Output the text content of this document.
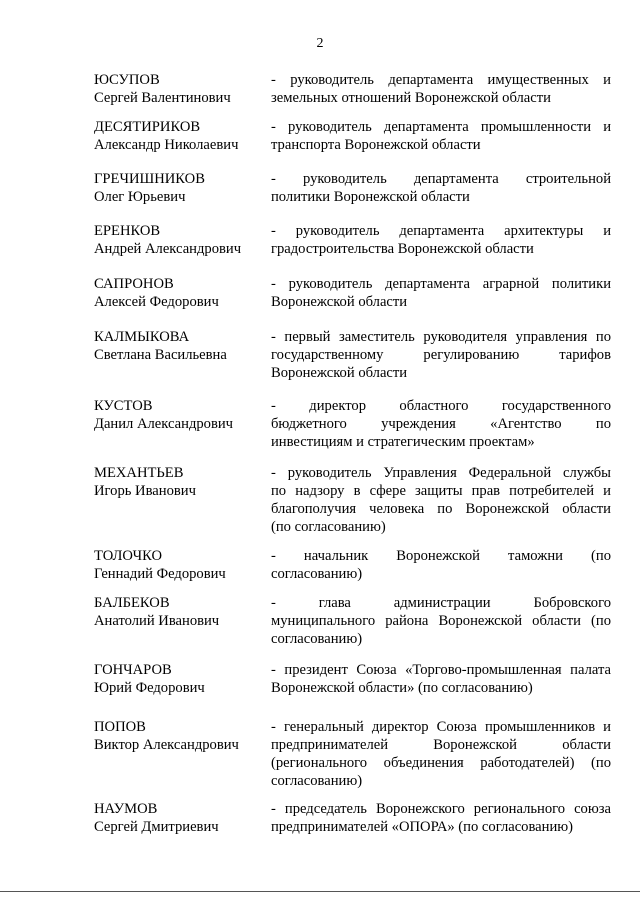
2
ЮСУПОВ
Сергей Валентинович
- руководитель департамента имущественных и
земельных отношений Воронежской области
ДЕСЯТИРИКОВ
Александр Николаевич
- руководитель департамента промышленности и
транспорта Воронежской области
ГРЕЧИШНИКОВ
Олег Юрьевич
- руководитель департамента строительной
политики Воронежской области
ЕРЕНКОВ
Андрей Александрович
- руководитель департамента архитектуры и
градостроительства Воронежской области
САПРОНОВ
Алексей Федорович
- руководитель департамента аграрной политики
Воронежской области
КАЛМЫКОВА
Светлана Васильевна
- первый заместитель руководителя управления по
государственному регулированию тарифов
Воронежской области
КУСТОВ
Данил Александрович
- директор областного государственного
бюджетного учреждения «Агентство по
инвестициям и стратегическим проектам»
МЕХАНТЬЕВ
Игорь Иванович
- руководитель Управления Федеральной службы
по надзору в сфере защиты прав потребителей и
благополучия человека по Воронежской области
(по согласованию)
ТОЛОЧКО
Геннадий Федорович
- начальник Воронежской таможни (по
согласованию)
БАЛБЕКОВ
Анатолий Иванович
- глава администрации Бобровского
муниципального района Воронежской области (по
согласованию)
ГОНЧАРОВ
Юрий Федорович
- президент Союза «Торгово-промышленная палата
Воронежской области» (по согласованию)
ПОПОВ
Виктор Александрович
- генеральный директор Союза промышленников и
предпринимателей Воронежской области
(регионального объединения работодателей) (по
согласованию)
НАУМОВ
Сергей Дмитриевич
- председатель Воронежского регионального союза
предпринимателей «ОПОРА» (по согласованию)
